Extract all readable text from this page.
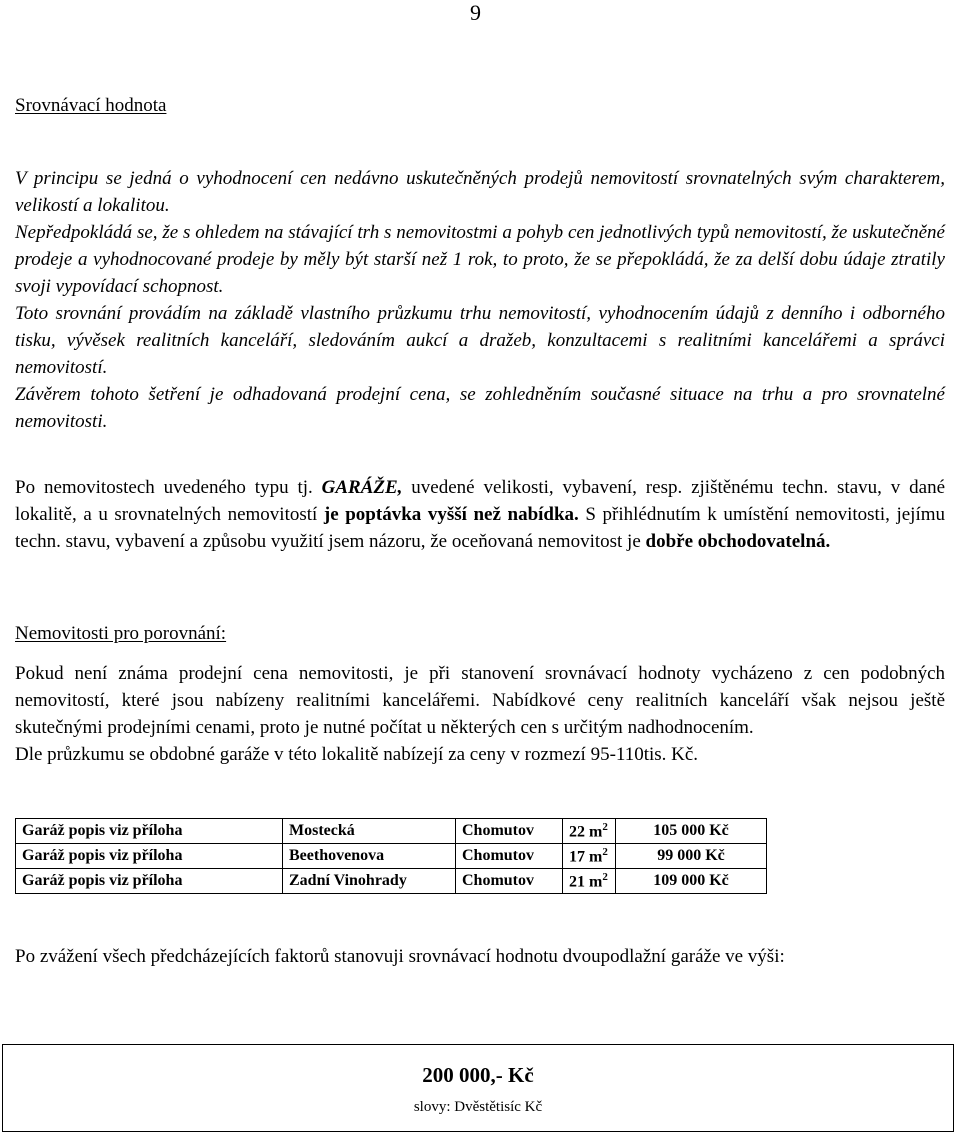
9
Srovnávací hodnota

V principu se jedná o vyhodnocení cen nedávno uskutečněných prodejů nemovitostí srovnatelných svým charakterem, velikostí a lokalitou.

Nepředpokládá se, že s ohledem na stávající trh s nemovitostmi a pohyb cen jednotlivých typů nemovitostí, že uskutečněné prodeje a vyhodnocované prodeje by měly být starší než 1 rok, to proto, že se přepokládá, že za delší dobu údaje ztratily svoji vypovídací schopnost.

Toto srovnání provádím na základě vlastního průzkumu trhu nemovitostí, vyhodnocením údajů z denního i odborného tisku, vývěsek realitních kanceláří, sledováním aukcí a dražeb, konzultacemi s realitními kancelářemi a správci nemovitostí.

Závěrem tohoto šetření je odhadovaná prodejní cena, se zohledněním současné situace na trhu a pro srovnatelné nemovitosti.

Po nemovitostech uvedeného typu tj. GARÁŽE, uvedené velikosti, vybavení, resp. zjištěnému techn. stavu, v dané lokalitě, a u srovnatelných nemovitostí je poptávka vyšší než nabídka. S přihlédnutím k umístění nemovitosti, jejímu techn. stavu, vybavení a způsobu využití jsem názoru, že oceňovaná nemovitost je dobře obchodovatelná.
Nemovitosti pro porovnání:

Pokud není známa prodejní cena nemovitosti, je při stanovení srovnávací hodnoty vycházeno z cen podobných nemovitostí, které jsou nabízeny realitními kancelářemi. Nabídkové ceny realitních kanceláří však nejsou ještě skutečnými prodejními cenami, proto je nutné počítat u některých cen s určitým nadhodnocením.

Dle průzkumu se obdobné garáže v této lokalitě nabízejí za ceny v rozmezí 95-110tis. Kč.

Garáž popis viz příloha	Mostecká	Chomutov	22 $m^2$	105 000 Kč
Garáž popis viz příloha	Beethovenova	Chomutov	17 $m^2$	99 000 Kč
Garáž popis viz příloha	Zadní Vinohrady	Chomutov	21 $m^2$	109 000 Kč
Po zvážení všech předcházejících faktorů stanovuji srovnávací hodnotu dvoupodlažní garáže ve výši:
200 000,- Kč
slovy: Dvěstětisíc Kč
